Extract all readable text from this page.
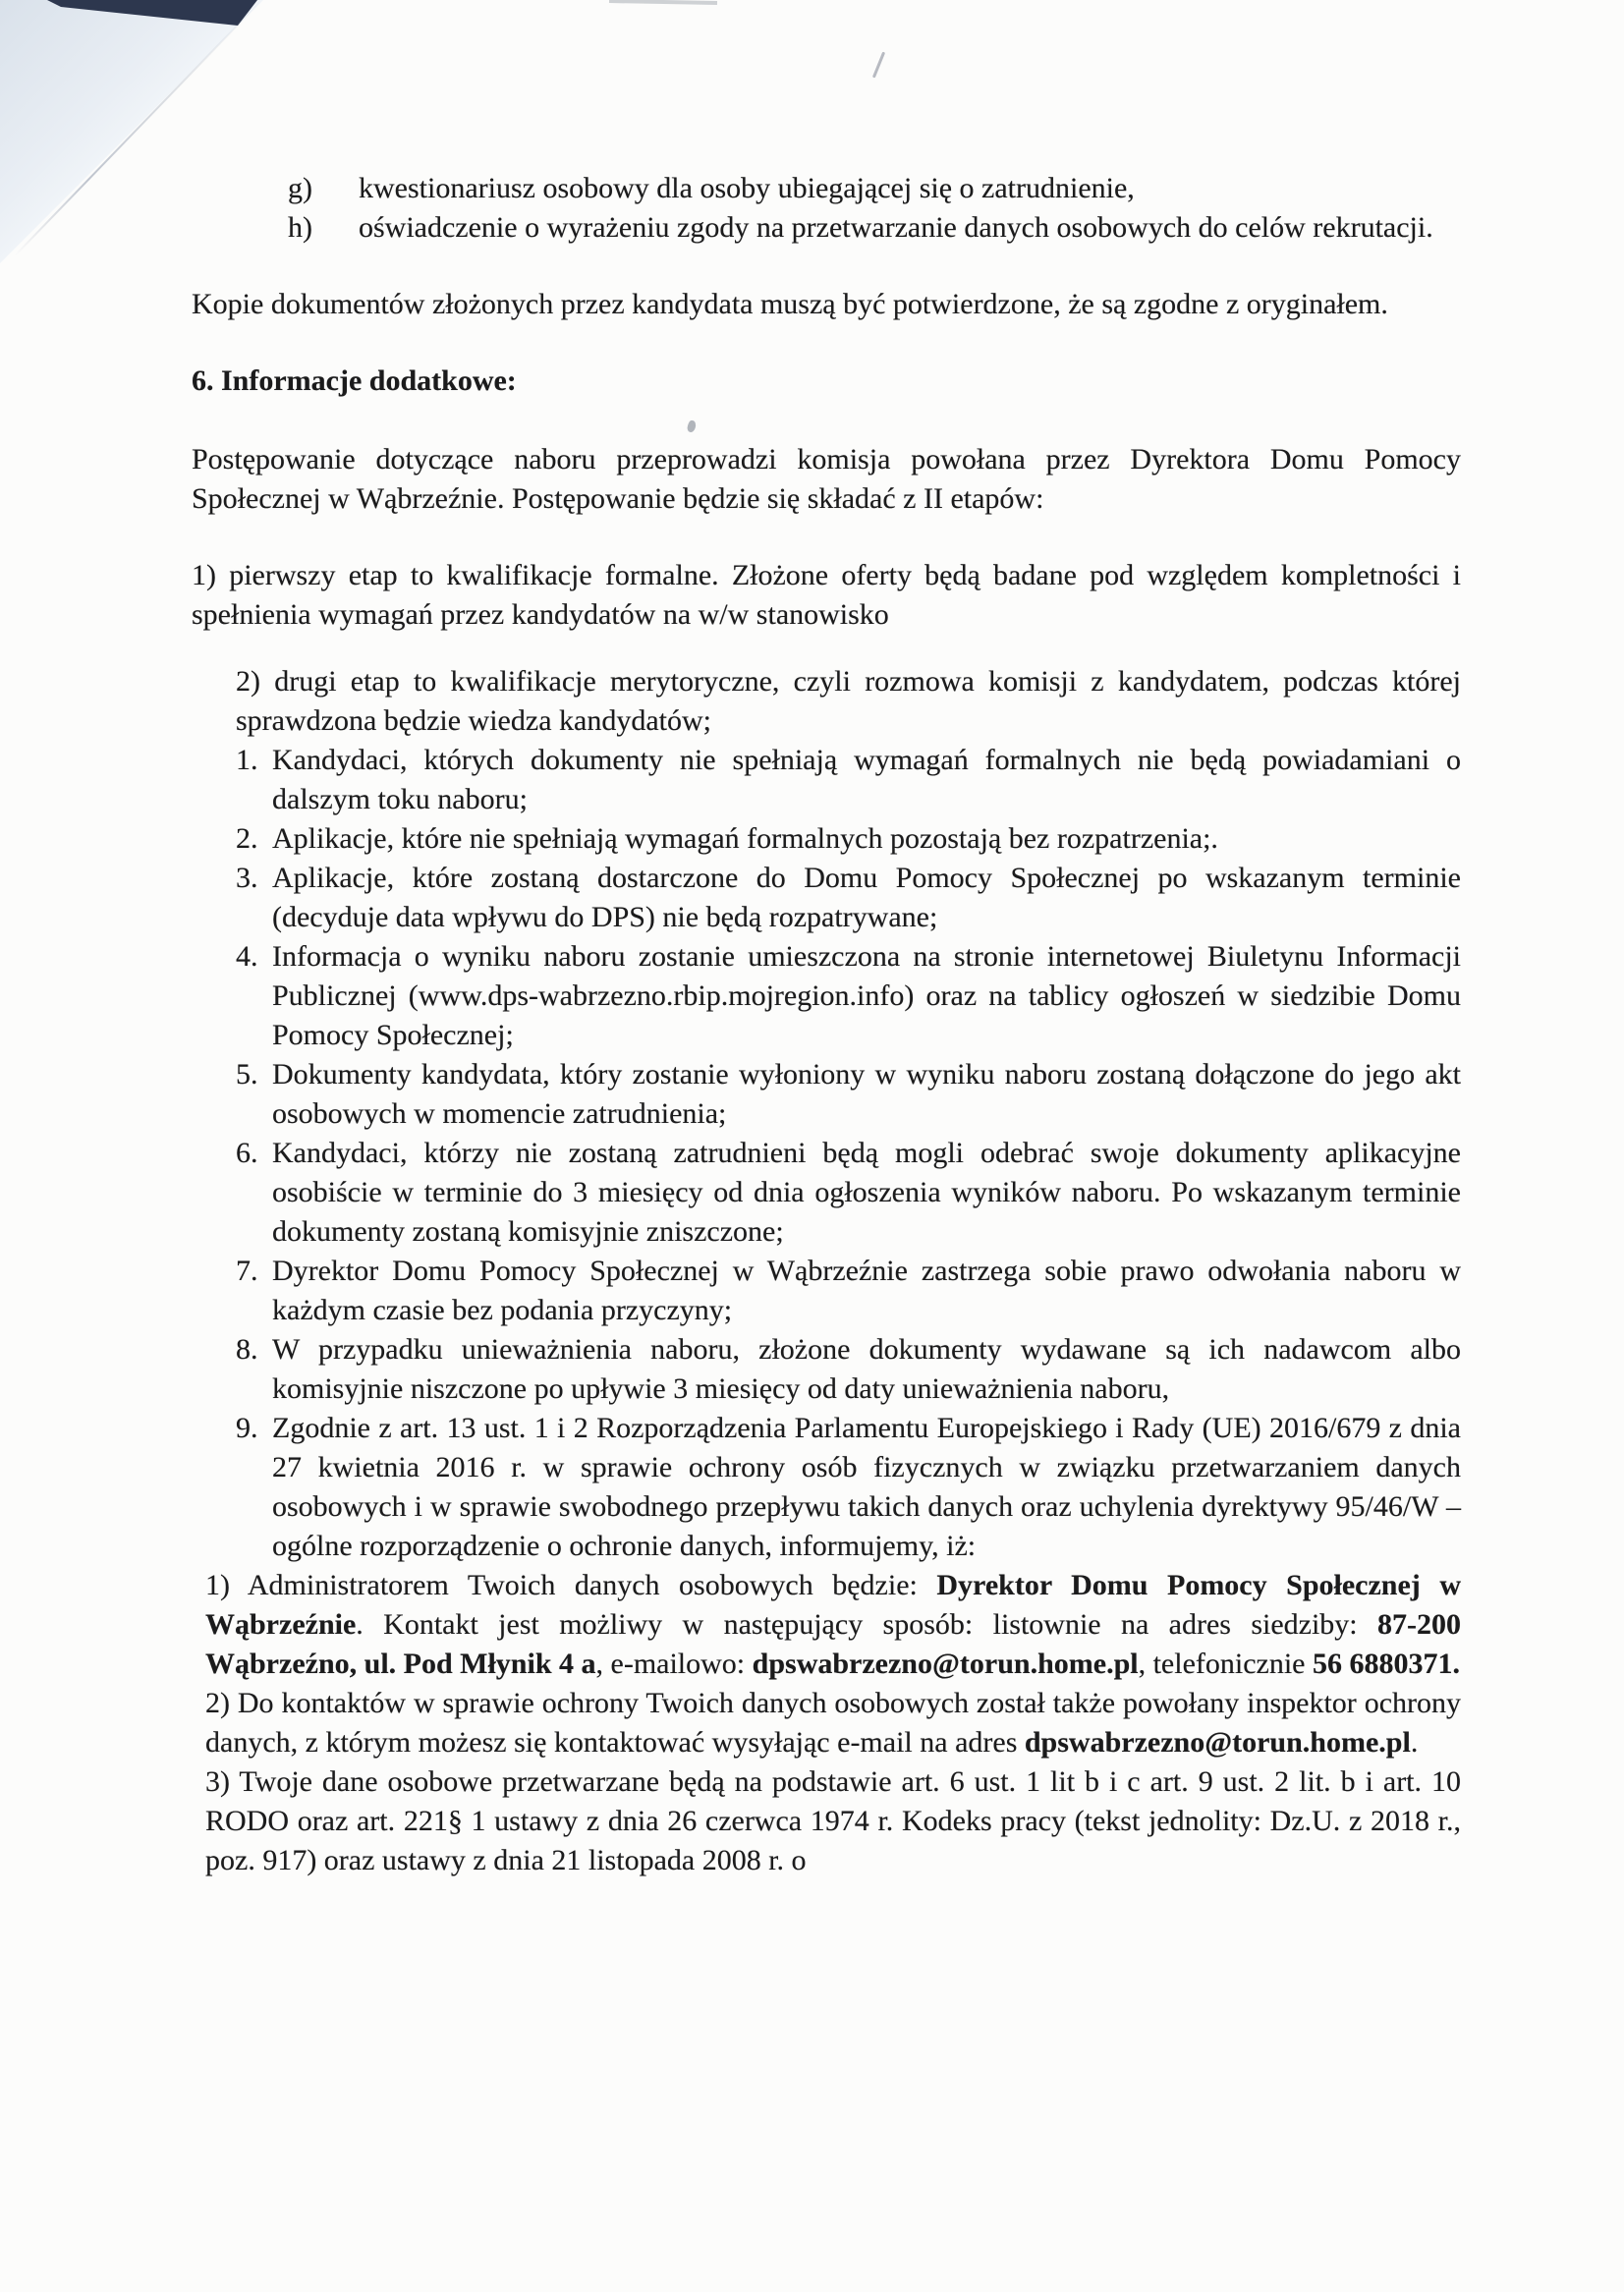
g)	kwestionariusz osobowy dla osoby ubiegającej się o zatrudnienie,
h)	oświadczenie o wyrażeniu zgody na przetwarzanie danych osobowych do celów rekrutacji.
Kopie dokumentów złożonych przez kandydata muszą być potwierdzone, że są zgodne z oryginałem.
6. Informacje dodatkowe:
Postępowanie dotyczące naboru przeprowadzi komisja powołana przez Dyrektora Domu Pomocy Społecznej w Wąbrzeźnie. Postępowanie będzie się składać z II etapów:
1) pierwszy etap to kwalifikacje formalne. Złożone oferty będą badane pod względem kompletności i spełnienia wymagań przez kandydatów na w/w stanowisko
2) drugi etap to kwalifikacje merytoryczne, czyli rozmowa komisji z kandydatem, podczas której sprawdzona będzie wiedza kandydatów;
1. Kandydaci, których dokumenty nie spełniają wymagań formalnych nie będą powiadamiani o dalszym toku naboru;
2. Aplikacje, które nie spełniają wymagań formalnych pozostają bez rozpatrzenia;.
3. Aplikacje, które zostaną dostarczone do Domu Pomocy Społecznej po wskazanym terminie (decyduje data wpływu do DPS) nie będą rozpatrywane;
4. Informacja o wyniku naboru zostanie umieszczona na stronie internetowej Biuletynu Informacji Publicznej (www.dps-wabrzezno.rbip.mojregion.info) oraz na tablicy ogłoszeń w siedzibie Domu Pomocy Społecznej;
5. Dokumenty kandydata, który zostanie wyłoniony w wyniku naboru zostaną dołączone do jego akt osobowych w momencie zatrudnienia;
6. Kandydaci, którzy nie zostaną zatrudnieni będą mogli odebrać swoje dokumenty aplikacyjne osobiście w terminie do 3 miesięcy od dnia ogłoszenia wyników naboru. Po wskazanym terminie dokumenty zostaną komisyjnie zniszczone;
7. Dyrektor Domu Pomocy Społecznej w Wąbrzeźnie zastrzega sobie prawo odwołania naboru w każdym czasie bez podania przyczyny;
8. W przypadku unieważnienia naboru, złożone dokumenty wydawane są ich nadawcom albo komisyjnie niszczone po upływie 3 miesięcy od daty unieważnienia naboru,
9. Zgodnie z art. 13 ust. 1 i 2 Rozporządzenia Parlamentu Europejskiego i Rady (UE) 2016/679 z dnia 27 kwietnia 2016 r. w sprawie ochrony osób fizycznych w związku przetwarzaniem danych osobowych i w sprawie swobodnego przepływu takich danych oraz uchylenia dyrektywy 95/46/W – ogólne rozporządzenie o ochronie danych, informujemy, iż:

1) Administratorem Twoich danych osobowych będzie: Dyrektor Domu Pomocy Społecznej w Wąbrzeźnie. Kontakt jest możliwy w następujący sposób: listownie na adres siedziby: 87-200 Wąbrzeźno, ul. Pod Młynik 4 a, e-mailowo: dpswabrzezno@torun.home.pl, telefonicznie 56 6880371.

2) Do kontaktów w sprawie ochrony Twoich danych osobowych został także powołany inspektor ochrony danych, z którym możesz się kontaktować wysyłając e-mail na adres dpswabrzezno@torun.home.pl.

3) Twoje dane osobowe przetwarzane będą na podstawie art. 6 ust. 1 lit b i c art. 9 ust. 2 lit. b i art. 10 RODO oraz art. 221§ 1 ustawy z dnia 26 czerwca 1974 r. Kodeks pracy (tekst jednolity: Dz.U. z 2018 r., poz. 917) oraz ustawy z dnia 21 listopada 2008 r. o
